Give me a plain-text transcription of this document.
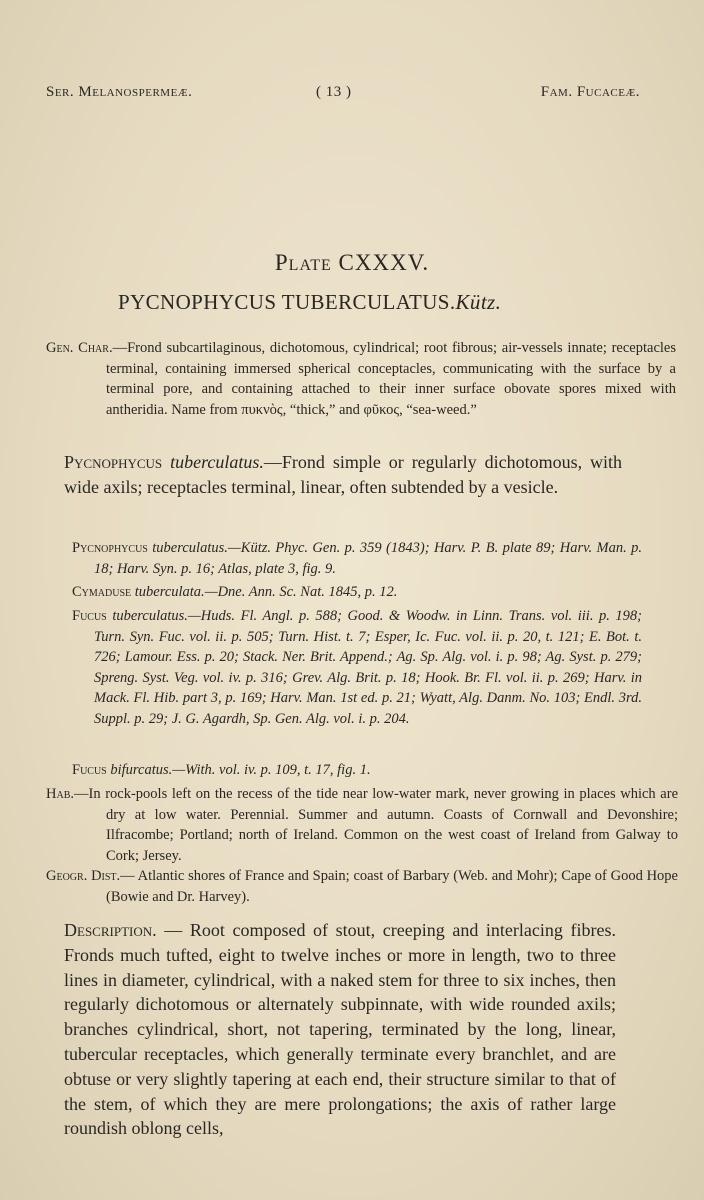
Ser. Melanospermeæ.	( 13 )	Fam. Fucaceæ.
Plate CXXXV.
PYCNOPHYCUS TUBERCULATUS.Kütz.
Gen. Char.—Frond subcartilaginous, dichotomous, cylindrical; root fibrous; air-vessels innate; receptacles terminal, containing immersed spherical conceptacles, communicating with the surface by a terminal pore, and containing attached to their inner surface obovate spores mixed with antheridia. Name from πυκνὸς, “thick,” and φῦκος, “sea-weed.”
Pycnophycus tuberculatus.—Frond simple or regularly dichotomous, with wide axils; receptacles terminal, linear, often subtended by a vesicle.
Pycnophycus tuberculatus.—Kütz. Phyc. Gen. p. 359 (1843); Harv. P. B. plate 89; Harv. Man. p. 18; Harv. Syn. p. 16; Atlas, plate 3, fig. 9.
Cymaduse tuberculata.—Dne. Ann. Sc. Nat. 1845, p. 12.
Fucus tuberculatus.—Huds. Fl. Angl. p. 588; Good. & Woodw. in Linn. Trans. vol. iii. p. 198; Turn. Syn. Fuc. vol. ii. p. 505; Turn. Hist. t. 7; Esper, Ic. Fuc. vol. ii. p. 20, t. 121; E. Bot. t. 726; Lamour. Ess. p. 20; Stack. Ner. Brit. Append.; Ag. Sp. Alg. vol. i. p. 98; Ag. Syst. p. 279; Spreng. Syst. Veg. vol. iv. p. 316; Grev. Alg. Brit. p. 18; Hook. Br. Fl. vol. ii. p. 269; Harv. in Mack. Fl. Hib. part 3, p. 169; Harv. Man. 1st ed. p. 21; Wyatt, Alg. Danm. No. 103; Endl. 3rd. Suppl. p. 29; J. G. Agardh, Sp. Gen. Alg. vol. i. p. 204.
Fucus bifurcatus.—With. vol. iv. p. 109, t. 17, fig. 1.
Hab.—In rock-pools left on the recess of the tide near low-water mark, never growing in places which are dry at low water. Perennial. Summer and autumn. Coasts of Cornwall and Devonshire; Ilfracombe; Portland; north of Ireland. Common on the west coast of Ireland from Galway to Cork; Jersey.
Geogr. Dist.— Atlantic shores of France and Spain; coast of Barbary (Web. and Mohr); Cape of Good Hope (Bowie and Dr. Harvey).
Description. — Root composed of stout, creeping and interlacing fibres. Fronds much tufted, eight to twelve inches or more in length, two to three lines in diameter, cylindrical, with a naked stem for three to six inches, then regularly dichotomous or alternately subpinnate, with wide rounded axils; branches cylindrical, short, not tapering, terminated by the long, linear, tubercular receptacles, which generally terminate every branchlet, and are obtuse or very slightly tapering at each end, their structure similar to that of the stem, of which they are mere prolongations; the axis of rather large roundish oblong cells,
